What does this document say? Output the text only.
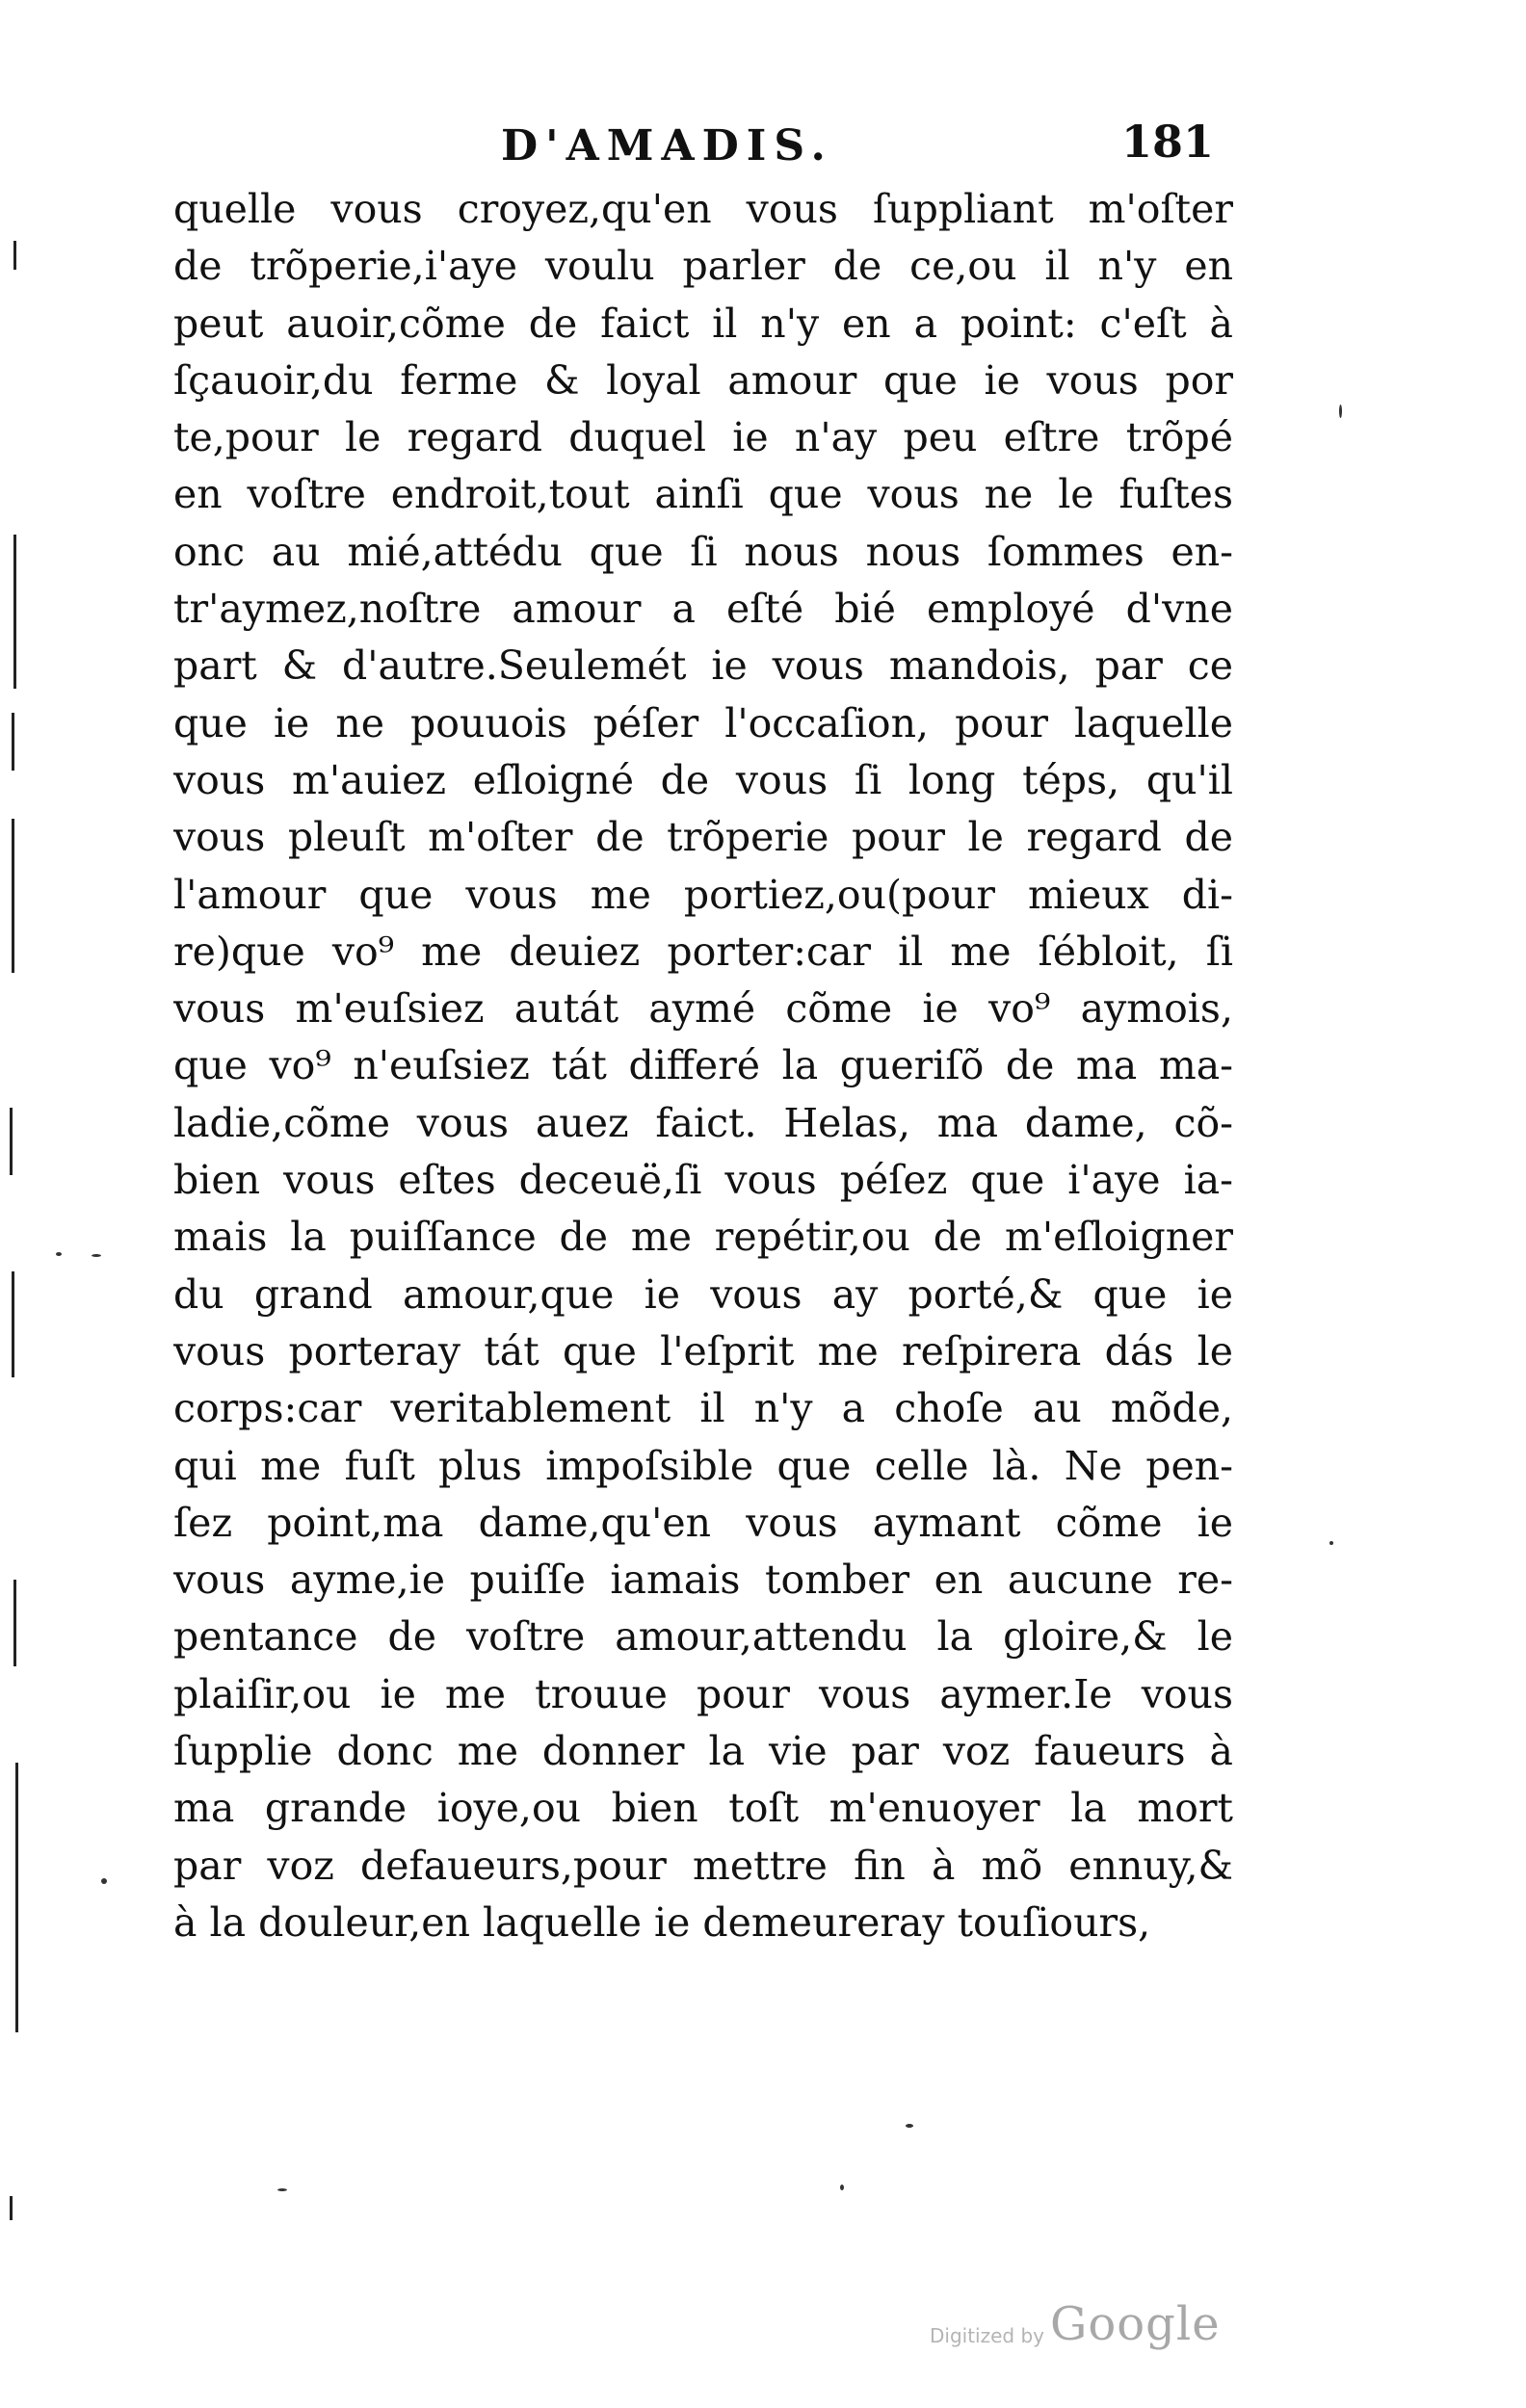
D'AMADIS.	181
quelle vous croyez,qu'en vous ſuppliant m'oſter
de trõperie,i'aye voulu parler de ce,ou il n'y en
peut auoir,cõme de faict il n'y en a point: c'eſt à
ſçauoir,du ferme & loyal amour que ie vous por
te,pour le regard duquel ie n'ay peu eſtre trõpé
en voſtre endroit,tout ainſi que vous ne le fuſtes
onc au mié,attédu que ſi nous nous ſommes en-
tr'aymez,noſtre amour a eſté bié employé d'vne
part & d'autre.Seulemét ie vous mandois, par ce
que ie ne pouuois péſer l'occaſion, pour laquelle
vous m'auiez eſloigné de vous ſi long téps, qu'il
vous pleuſt m'oſter de trõperie pour le regard de
l'amour que vous me portiez,ou(pour mieux di-
re)que vo⁹ me deuiez porter:car il me ſébloit, ſi
vous m'euſsiez autát aymé cõme ie vo⁹ aymois,
que vo⁹ n'euſsiez tát differé la gueriſõ de ma ma-
ladie,cõme vous auez faict. Helas, ma dame, cõ-
bien vous eſtes deceuë,ſi vous péſez que i'aye ia-
mais la puiſſance de me repétir,ou de m'eſloigner
du grand amour,que ie vous ay porté,& que ie
vous porteray tát que l'eſprit me reſpirera dás le
corps:car veritablement il n'y a choſe au mõde,
qui me fuſt plus impoſsible que celle là. Ne pen-
ſez point,ma dame,qu'en vous aymant cõme ie
vous ayme,ie puiſſe iamais tomber en aucune re-
pentance de voſtre amour,attendu la gloire,& le
plaiſir,ou ie me trouue pour vous aymer.Ie vous
ſupplie donc me donner la vie par voz faueurs à
ma grande ioye,ou bien toſt m'enuoyer la mort
par voz defaueurs,pour mettre fin à mõ ennuy,&
à la douleur,en laquelle ie demeureray touſiours,
Digitized by Google
